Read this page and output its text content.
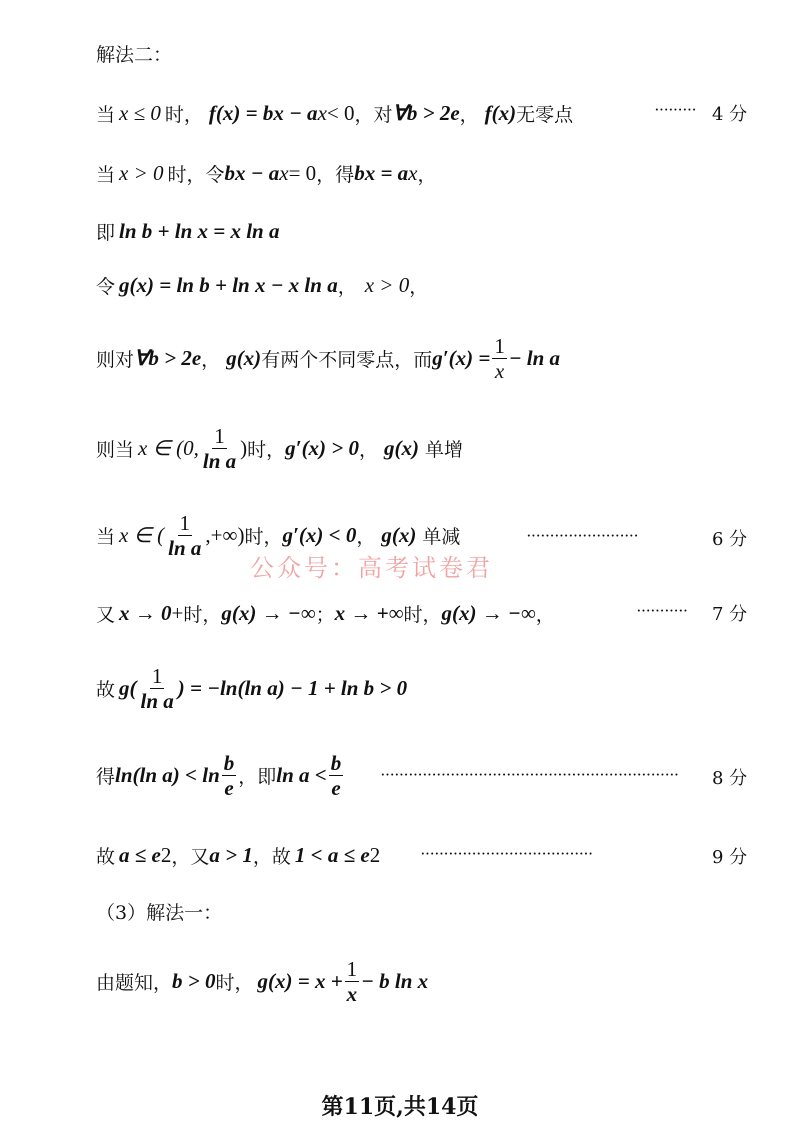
解法二：
当 x ≤ 0 时， f(x) = bx − a x < 0 ，对 ∀b > 2e ， f(x) 无零点	········· 4 分
当 x > 0 时，令 bx − a x = 0 ，得 bx = a x ，
即 ln b + ln x = x ln a
令 g(x) = ln b + ln x − x ln a ， x > 0 ，
则对 ∀b > 2e ， g(x) 有两个不同零点，而 $g'(x) = \frac{1}{x} - \ln a$
则当 x ∈ (0, $\frac{1}{\text{ln a}}$ ) 时， g′(x) > 0 ， g(x) 单增
当 x ∈ ( $\frac{1}{\text{ln a}}$ ,+∞) 时， g′(x) < 0 ， g(x) 单减	························	6 分
公众号：高考试卷君
又 x → 0 + 时， g(x) → −∞ ； x → +∞ 时， g(x) → −∞ ，	··········· 7 分
故 $g( \frac{1}{\text{ln a}}$ ) = −ln(ln a) − 1 + ln b > 0
得 ln(ln $a) < \ln \frac{b}{e}$ ，即 $\ln a < \frac{b}{e}$ ································································ 8 分
故 a ≤ e 2 ，又 a > 1 ，故 1 < a ≤ e 2 ·····································	9 分
（3）解法一：
由题知， b > 0 时， $g(x) = x + \frac{1}{x} - b$ ln x
第11页,共14页
